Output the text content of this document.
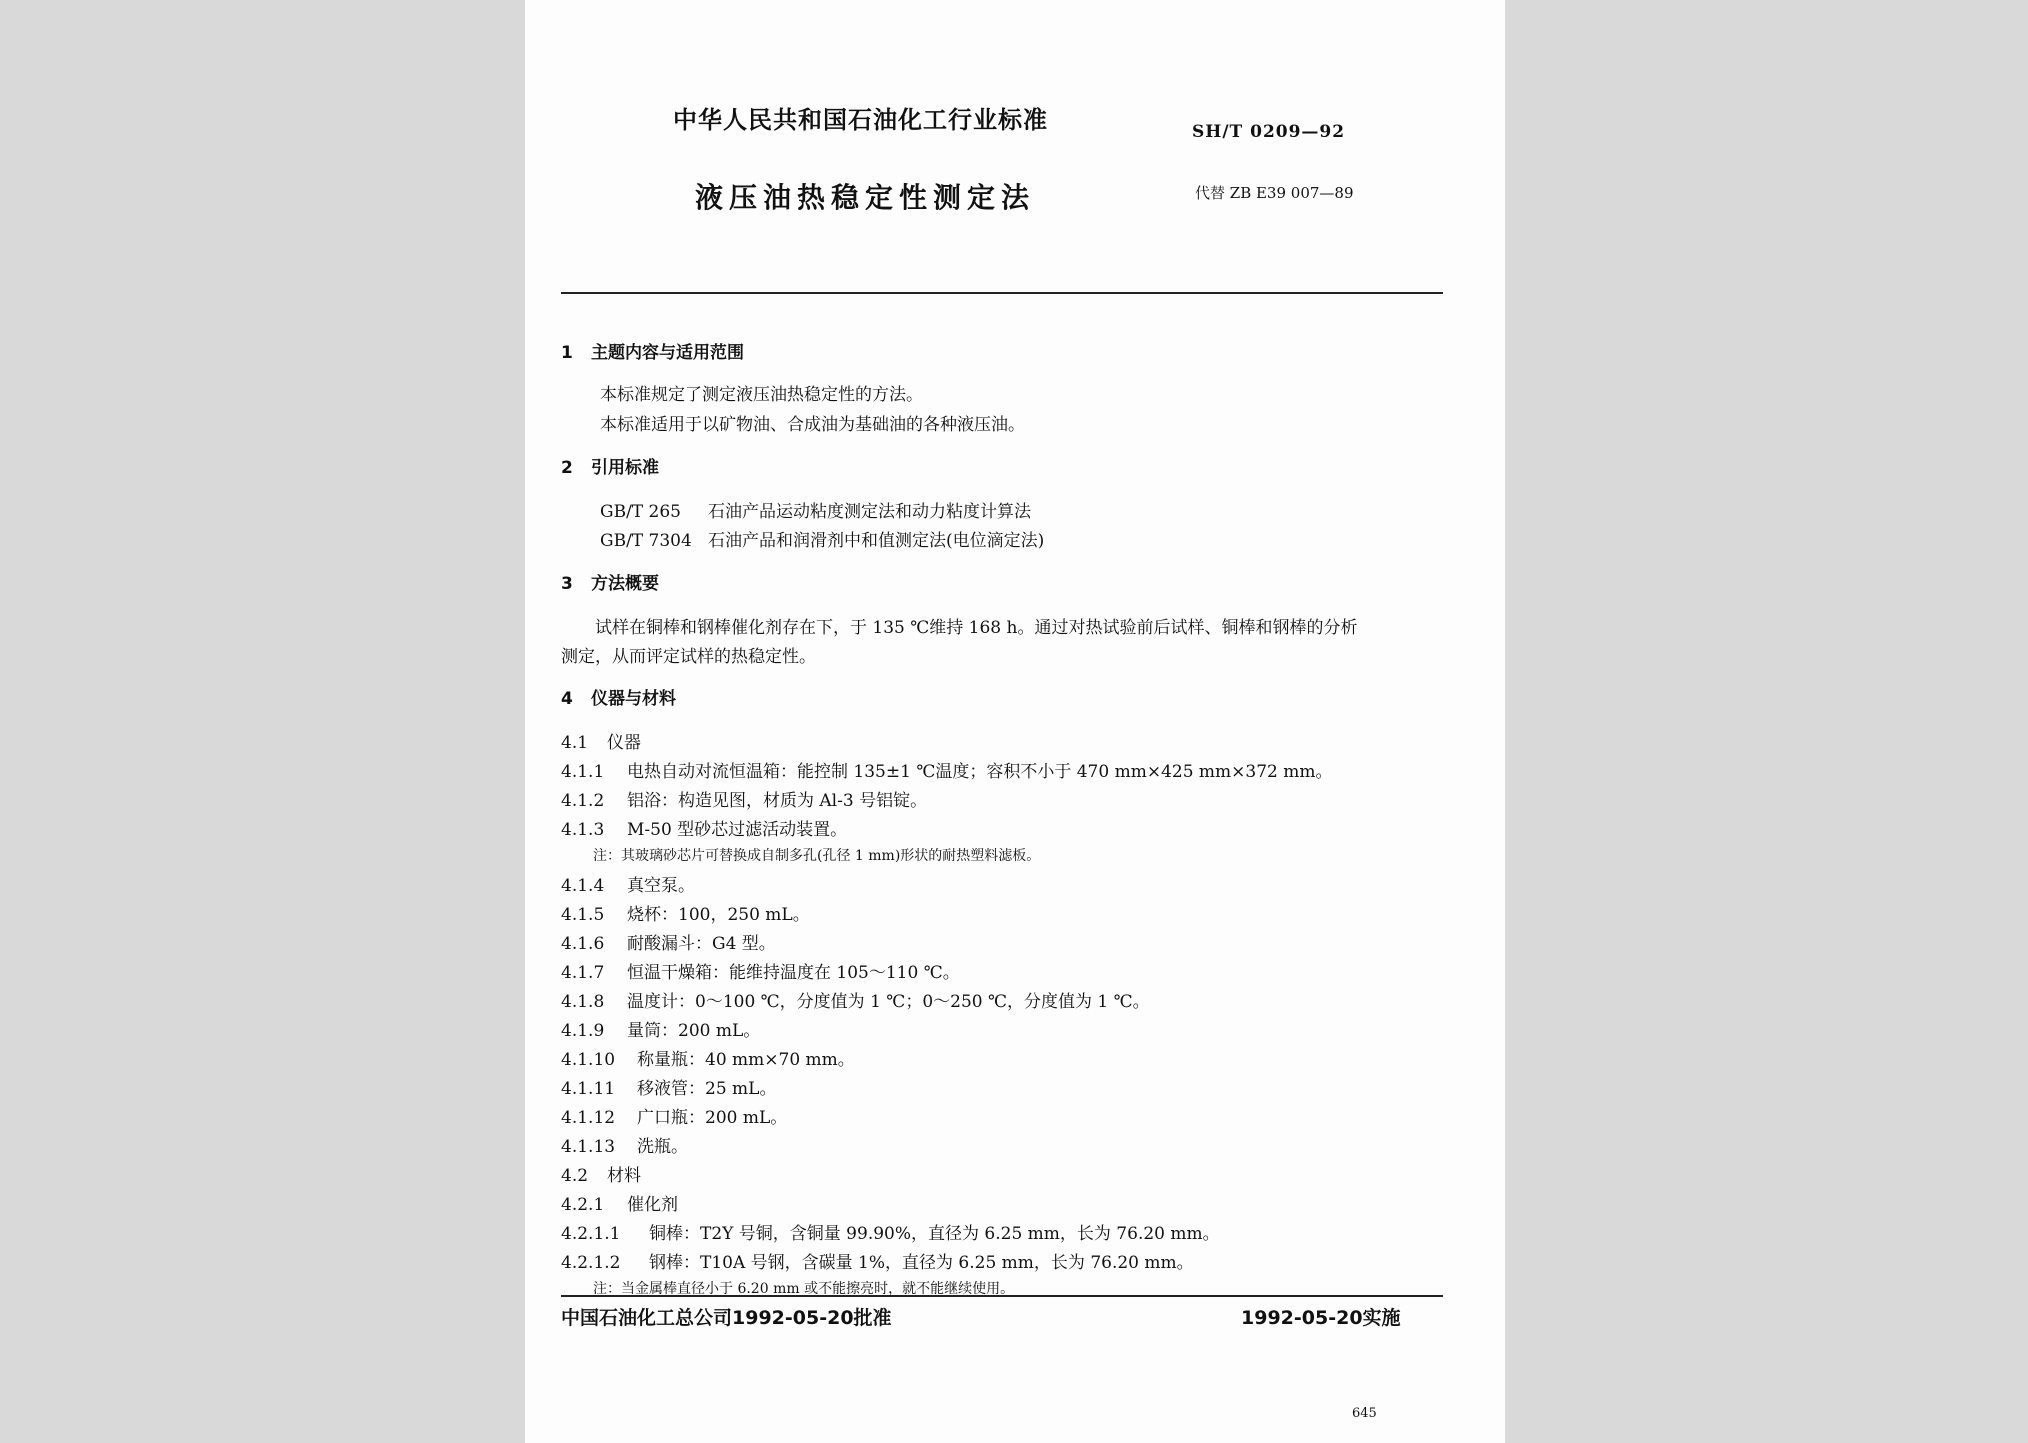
中华人民共和国石油化工行业标准	SH/T 0209—92
液压油热稳定性测定法	代替 ZB E39 007—89
1 主题内容与适用范围
本标准规定了测定液压油热稳定性的方法。
本标准适用于以矿物油、合成油为基础油的各种液压油。
2 引用标准
GB/T 265 石油产品运动粘度测定法和动力粘度计算法
GB/T 7304 石油产品和润滑剂中和值测定法(电位滴定法)
3 方法概要
试样在铜棒和钢棒催化剂存在下，于 135 ℃维持 168 h。通过对热试验前后试样、铜棒和钢棒的分析
测定，从而评定试样的热稳定性。
4 仪器与材料
4.1 仪器
4.1.1 电热自动对流恒温箱：能控制 135±1 ℃温度；容积不小于 470 mm×425 mm×372 mm。
4.1.2 铝浴：构造见图，材质为 Al-3 号铝锭。
4.1.3 M-50 型砂芯过滤活动装置。
注：其玻璃砂芯片可替换成自制多孔(孔径 1 mm)形状的耐热塑料滤板。
4.1.4 真空泵。
4.1.5 烧杯：100，250 mL。
4.1.6 耐酸漏斗：G4 型。
4.1.7 恒温干燥箱：能维持温度在 105～110 ℃。
4.1.8 温度计：0～100 ℃，分度值为 1 ℃；0～250 ℃，分度值为 1 ℃。
4.1.9 量筒：200 mL。
4.1.10 称量瓶：40 mm×70 mm。
4.1.11 移液管：25 mL。
4.1.12 广口瓶：200 mL。
4.1.13 洗瓶。
4.2 材料
4.2.1 催化剂
4.2.1.1 铜棒：T2Y 号铜，含铜量 99.90%，直径为 6.25 mm，长为 76.20 mm。
4.2.1.2 钢棒：T10A 号钢，含碳量 1%，直径为 6.25 mm，长为 76.20 mm。
注：当金属棒直径小于 6.20 mm 或不能擦亮时，就不能继续使用。
中国石油化工总公司1992-05-20批准	1992-05-20实施
645
